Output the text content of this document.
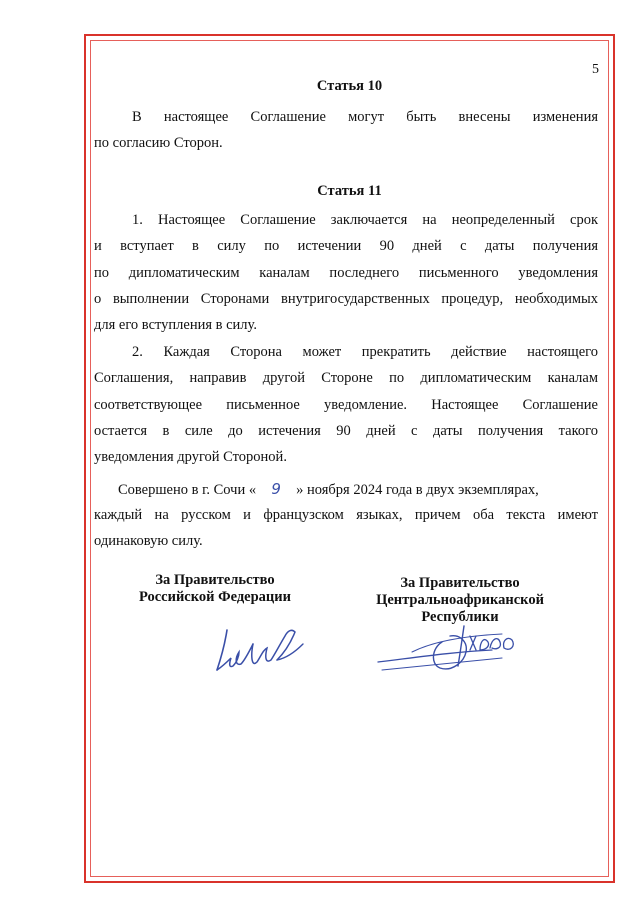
5
Статья 10
В настоящее Соглашение могут быть внесены изменения
по согласию Сторон.
Статья 11
1. Настоящее Соглашение заключается на неопределенный срок
и вступает в силу по истечении 90 дней с даты получения
по дипломатическим каналам последнего письменного уведомления
о выполнении Сторонами внутригосударственных процедур, необходимых
для его вступления в силу.
2. Каждая Сторона может прекратить действие настоящего
Соглашения, направив другой Стороне по дипломатическим каналам
соответствующее письменное уведомление. Настоящее Соглашение
остается в силе до истечения 90 дней с даты получения такого
уведомления другой Стороной.
Совершено в г. Сочи « 9 » ноября 2024 года в двух экземплярах,
каждый на русском и французском языках, причем оба текста имеют
одинаковую силу.
За Правительство
Российской Федерации
За Правительство
Центральноафриканской
Республики
